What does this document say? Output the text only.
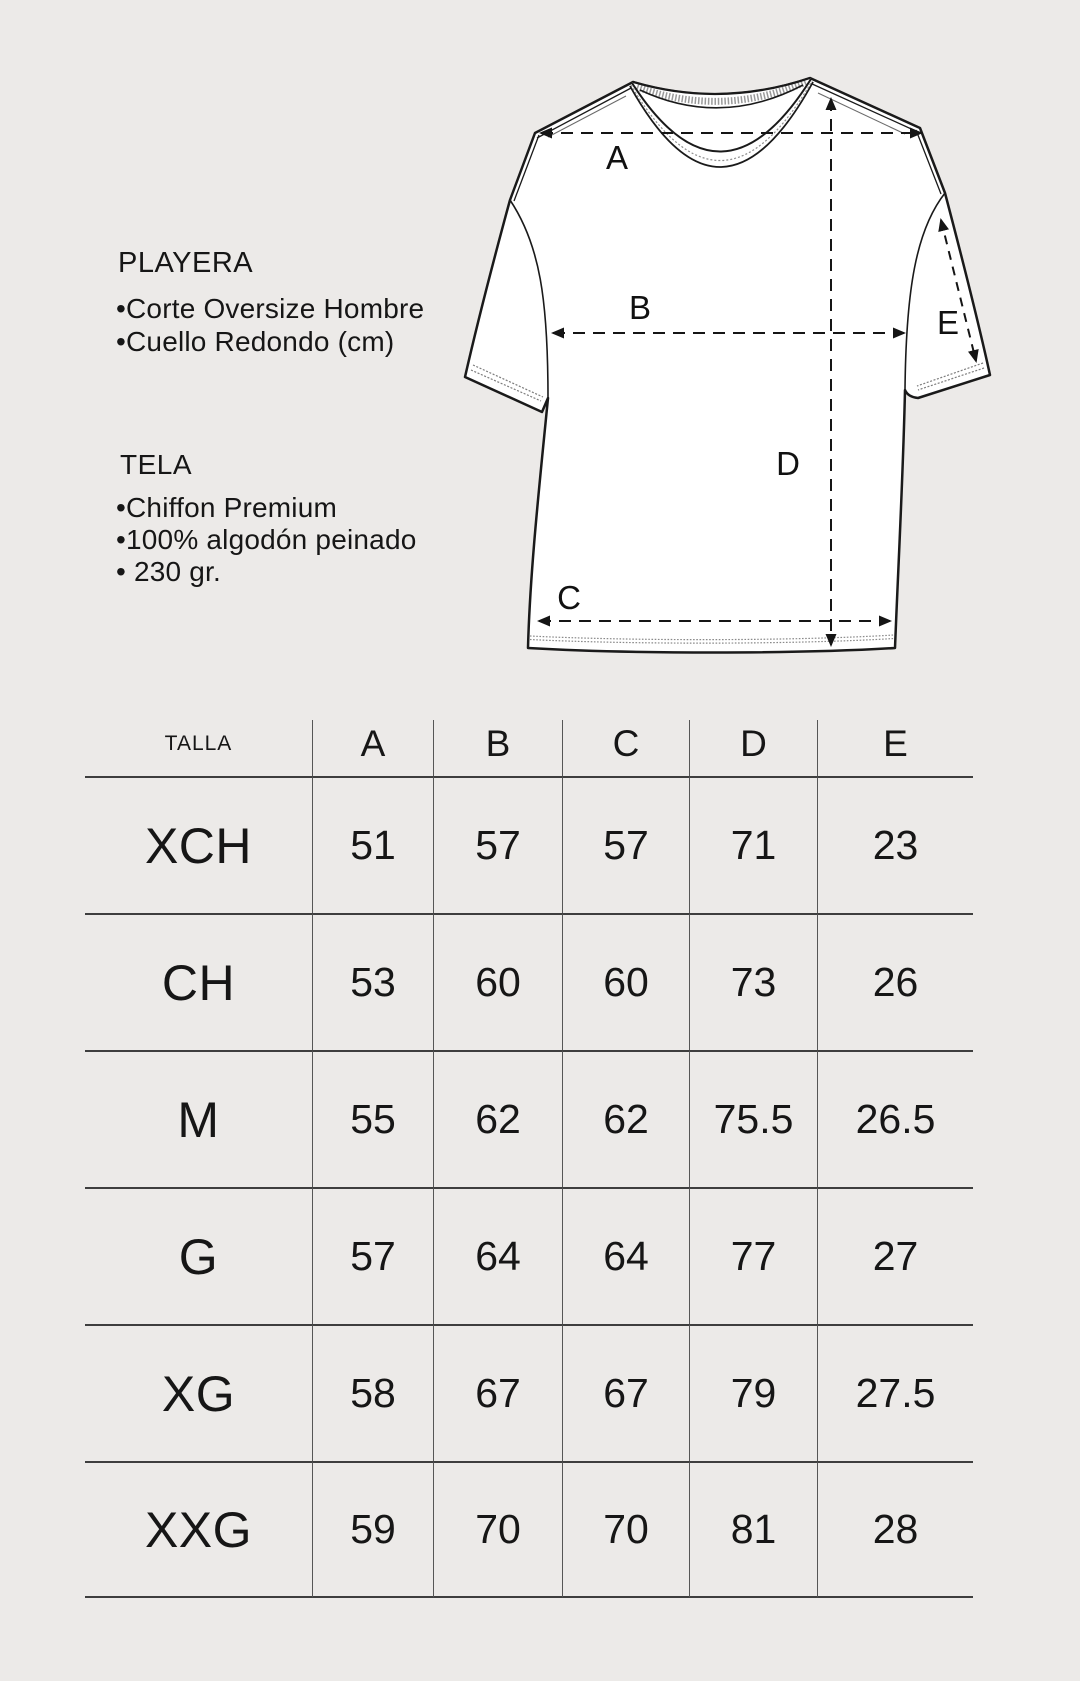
PLAYERA
•Corte Oversize Hombre
•Cuello Redondo (cm)
TELA
•Chiffon Premium
•100% algodón peinado
• 230 gr.
A
B
C
D
E
TALLA	A	B	C	D	E
XCH 51 57 57 71 23
CH	53 60 60 73 26
M	55 62 62 75.5 26.5
G	57 64 64 77 27
XG	58 67 67 79 27.5
XXG 59 70 70 81 28
